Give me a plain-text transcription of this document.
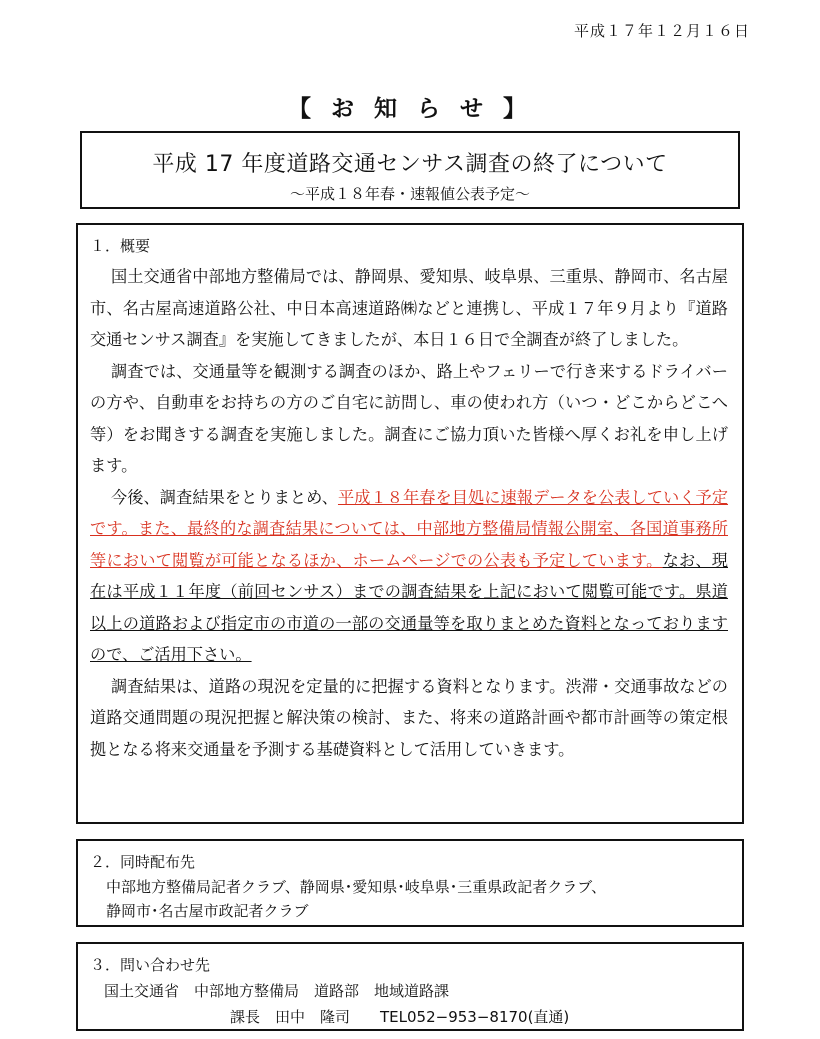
平成１７年１２月１６日
【 お 知 ら せ 】
平成 17 年度道路交通センサス調査の終了について
〜平成１８年春・速報値公表予定〜
１．概要

国土交通省中部地方整備局では、静岡県、愛知県、岐阜県、三重県、静岡市、名古屋市、名古屋高速道路公社、中日本高速道路㈱などと連携し、平成１７年９月より『道路交通センサス調査』を実施してきましたが、本日１６日で全調査が終了しました。

調査では、交通量等を観測する調査のほか、路上やフェリーで行き来するドライバーの方や、自動車をお持ちの方のご自宅に訪問し、車の使われ方（いつ・どこからどこへ等）をお聞きする調査を実施しました。調査にご協力頂いた皆様へ厚くお礼を申し上げます。

今後、調査結果をとりまとめ、平成１８年春を目処に速報データを公表していく予定です。また、最終的な調査結果については、中部地方整備局情報公開室、各国道事務所等において閲覧が可能となるほか、ホームページでの公表も予定しています。なお、現在は平成１１年度（前回センサス）までの調査結果を上記において閲覧可能です。県道以上の道路および指定市の市道の一部の交通量等を取りまとめた資料となっておりますので、ご活用下さい。

調査結果は、道路の現況を定量的に把握する資料となります。渋滞・交通事故などの道路交通問題の現況把握と解決策の検討、また、将来の道路計画や都市計画等の策定根拠となる将来交通量を予測する基礎資料として活用していきます。

２．同時配布先
中部地方整備局記者クラブ、静岡県･愛知県･岐阜県･三重県政記者クラブ、
静岡市･名古屋市政記者クラブ
３．問い合わせ先
国土交通省　中部地方整備局　道路部　地域道路課
課長　田中　隆司　　TEL052−953−8170(直通)
